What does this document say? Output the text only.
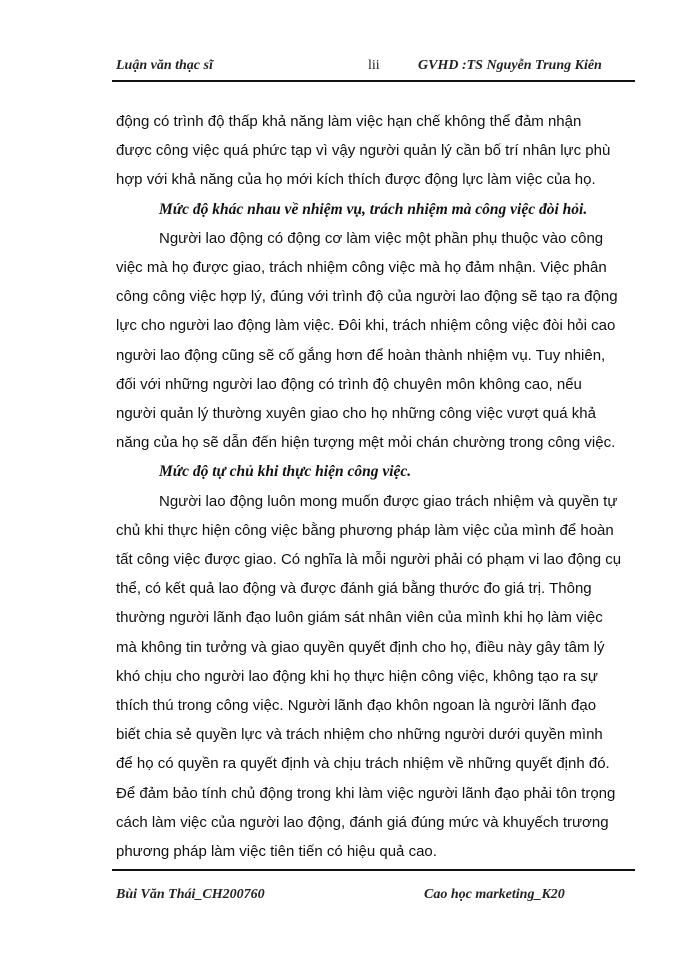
Luận văn thạc sĩ	lii	GVHD :TS Nguyễn Trung Kiên
động có trình độ thấp khả năng làm việc hạn chế không thể đảm nhận
được công việc quá phức tạp vì vậy người quản lý cần bố trí nhân lực phù
hợp với khả năng của họ mới kích thích được động lực làm việc của họ.
Mức độ khác nhau về nhiệm vụ, trách nhiệm mà công việc đòi hỏi.
Người lao động có động cơ làm việc một phần phụ thuộc vào công
việc mà họ được giao, trách nhiệm công việc mà họ đảm nhận. Việc phân
công công việc hợp lý, đúng với trình độ của người lao động sẽ tạo ra động
lực cho người lao động làm việc. Đôi khi, trách nhiệm công việc đòi hỏi cao
người lao động cũng sẽ cố gắng hơn để hoàn thành nhiệm vụ. Tuy nhiên,
đối với những người lao động có trình độ chuyên môn không cao, nếu
người quản lý thường xuyên giao cho họ những công việc vượt quá khả
năng của họ sẽ dẫn đến hiện tượng mệt mỏi chán chường trong công việc.
Mức độ tự chủ khi thực hiện công việc.
Người lao động luôn mong muốn được giao trách nhiệm và quyền tự
chủ khi thực hiện công việc bằng phương pháp làm việc của mình để hoàn
tất công việc được giao. Có nghĩa là mỗi người phải có phạm vi lao động cụ
thể, có kết quả lao động và được đánh giá bằng thước đo giá trị. Thông
thường người lãnh đạo luôn giám sát nhân viên của mình khi họ làm việc
mà không tin tưởng và giao quyền quyết định cho họ, điều này gây tâm lý
khó chịu cho người lao động khi họ thực hiện công việc, không tạo ra sự
thích thú trong công việc. Người lãnh đạo khôn ngoan là người lãnh đạo
biết chia sẻ quyền lực và trách nhiệm cho những người dưới quyền mình
để họ có quyền ra quyết định và chịu trách nhiệm về những quyết định đó.
Để đảm bảo tính chủ động trong khi làm việc người lãnh đạo phải tôn trọng
cách làm việc của người lao động, đánh giá đúng mức và khuyếch trương
phương pháp làm việc tiên tiến có hiệu quả cao.
Bùi Văn Thái_CH200760	Cao học marketing_K20
